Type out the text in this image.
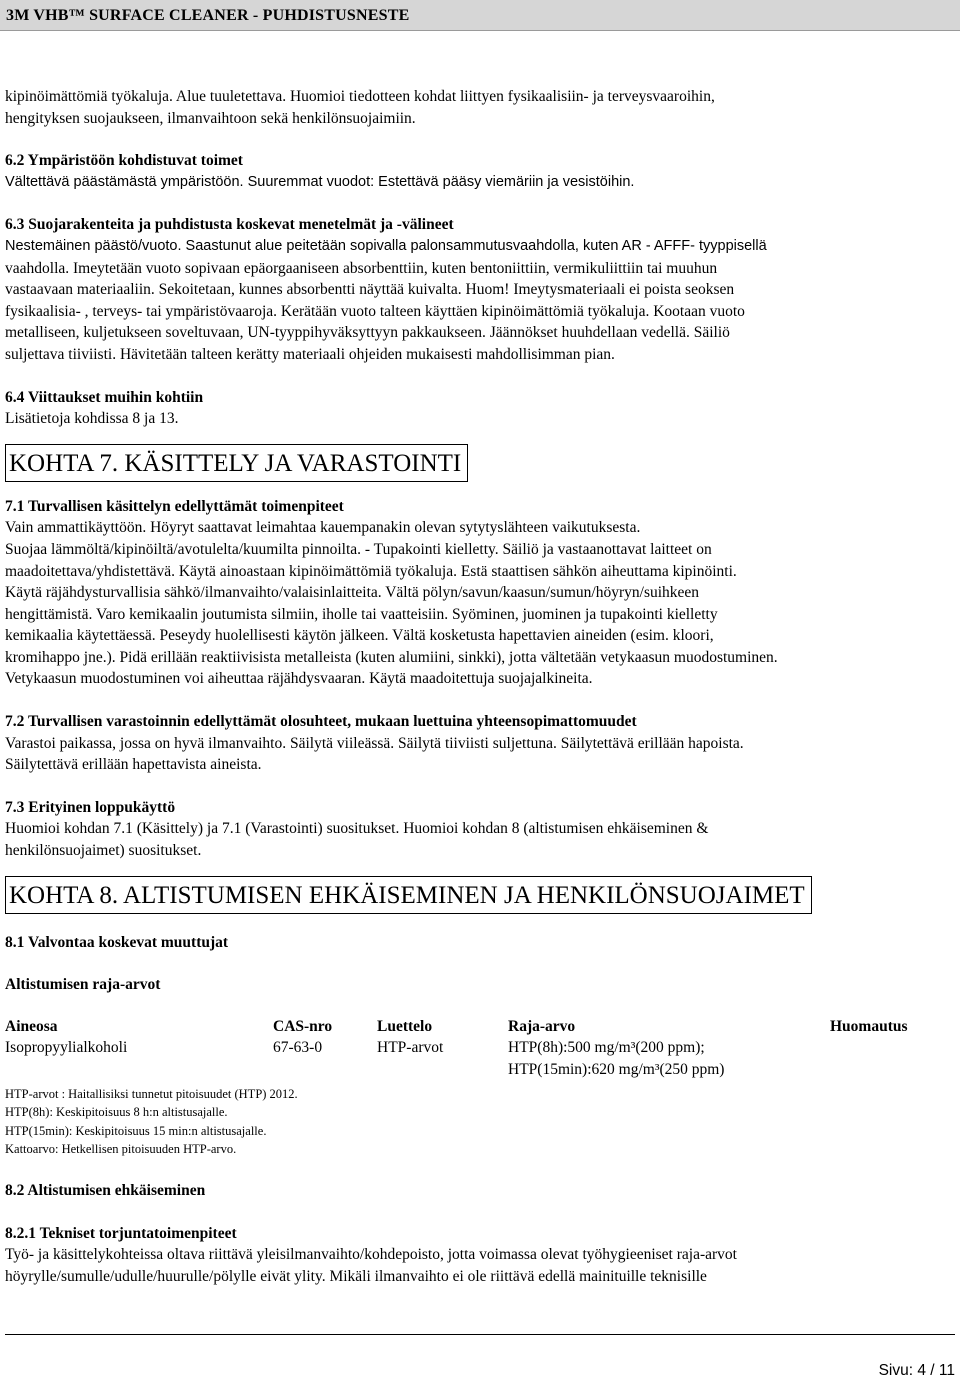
3M VHB™ SURFACE CLEANER - PUHDISTUSNESTE

kipinöimättömiä työkaluja. Alue tuuletettava. Huomioi tiedotteen kohdat liittyen fysikaalisiin- ja terveysvaaroihin,

hengityksen suojaukseen, ilmanvaihtoon sekä henkilönsuojaimiin.

6.2 Ympäristöön kohdistuvat toimet

Vältettävä päästämästä ympäristöön. Suuremmat vuodot: Estettävä pääsy viemäriin ja vesistöihin.

6.3 Suojarakenteita ja puhdistusta koskevat menetelmät ja -välineet

Nestemäinen päästö/vuoto. Saastunut alue peitetään sopivalla palonsammutusvaahdolla, kuten AR - AFFF- tyyppisellä

vaahdolla. Imeytetään vuoto sopivaan epäorgaaniseen absorbenttiin, kuten bentoniittiin, vermikuliittiin tai muuhun

vastaavaan materiaaliin. Sekoitetaan, kunnes absorbentti näyttää kuivalta. Huom! Imeytysmateriaali ei poista seoksen

fysikaalisia- , terveys- tai ympäristövaaroja. Kerätään vuoto talteen käyttäen kipinöimättömiä työkaluja. Kootaan vuoto

metalliseen, kuljetukseen soveltuvaan, UN-tyyppihyväksyttyyn pakkaukseen. Jäännökset huuhdellaan vedellä. Säiliö

suljettava tiiviisti. Hävitetään talteen kerätty materiaali ohjeiden mukaisesti mahdollisimman pian.

6.4 Viittaukset muihin kohtiin

Lisätietoja kohdissa 8 ja 13.

KOHTA 7. KÄSITTELY JA VARASTOINTI

7.1 Turvallisen käsittelyn edellyttämät toimenpiteet

Vain ammattikäyttöön. Höyryt saattavat leimahtaa kauempanakin olevan sytytyslähteen vaikutuksesta.

Suojaa lämmöltä/kipinöiltä/avotulelta/kuumilta pinnoilta. - Tupakointi kielletty. Säiliö ja vastaanottavat laitteet on

maadoitettava/yhdistettävä. Käytä ainoastaan kipinöimättömiä työkaluja. Estä staattisen sähkön aiheuttama kipinöinti.

Käytä räjähdysturvallisia sähkö/ilmanvaihto/valaisinlaitteita. Vältä pölyn/savun/kaasun/sumun/höyryn/suihkeen

hengittämistä. Varo kemikaalin joutumista silmiin, iholle tai vaatteisiin. Syöminen, juominen ja tupakointi kielletty

kemikaalia käytettäessä. Peseydy huolellisesti käytön jälkeen. Vältä kosketusta hapettavien aineiden (esim. kloori,

kromihappo jne.). Pidä erillään reaktiivisista metalleista (kuten alumiini, sinkki), jotta vältetään vetykaasun muodostuminen.

Vetykaasun muodostuminen voi aiheuttaa räjähdysvaaran. Käytä maadoitettuja suojajalkineita.

7.2 Turvallisen varastoinnin edellyttämät olosuhteet, mukaan luettuina yhteensopimattomuudet

Varastoi paikassa, jossa on hyvä ilmanvaihto. Säilytä viileässä. Säilytä tiiviisti suljettuna. Säilytettävä erillään hapoista.

Säilytettävä erillään hapettavista aineista.

7.3 Erityinen loppukäyttö

Huomioi kohdan 7.1 (Käsittely) ja 7.1 (Varastointi) suositukset. Huomioi kohdan 8 (altistumisen ehkäiseminen &

henkilönsuojaimet) suositukset.

KOHTA 8. ALTISTUMISEN EHKÄISEMINEN JA HENKILÖNSUOJAIMET

8.1 Valvontaa koskevat muuttujat

Altistumisen raja-arvot

Aineosa	CAS-nro	Luettelo	Raja-arvo	Huomautus
Isopropyylialkoholi	67-63-0	HTP-arvot	HTP(8h):500 mg/m³(200 ppm);
HTP(15min):620 mg/m³(250 ppm)	

HTP-arvot : Haitallisiksi tunnetut pitoisuudet (HTP) 2012.

HTP(8h): Keskipitoisuus 8 h:n altistusajalle.

HTP(15min): Keskipitoisuus 15 min:n altistusajalle.

Kattoarvo: Hetkellisen pitoisuuden HTP-arvo.

8.2 Altistumisen ehkäiseminen

8.2.1 Tekniset torjuntatoimenpiteet

Työ- ja käsittelykohteissa oltava riittävä yleisilmanvaihto/kohdepoisto, jotta voimassa olevat työhygieeniset raja-arvot

höyrylle/sumulle/udulle/huurulle/pölylle eivät ylity. Mikäli ilmanvaihto ei ole riittävä edellä mainituille teknisille

Sivu: 4 / 11
